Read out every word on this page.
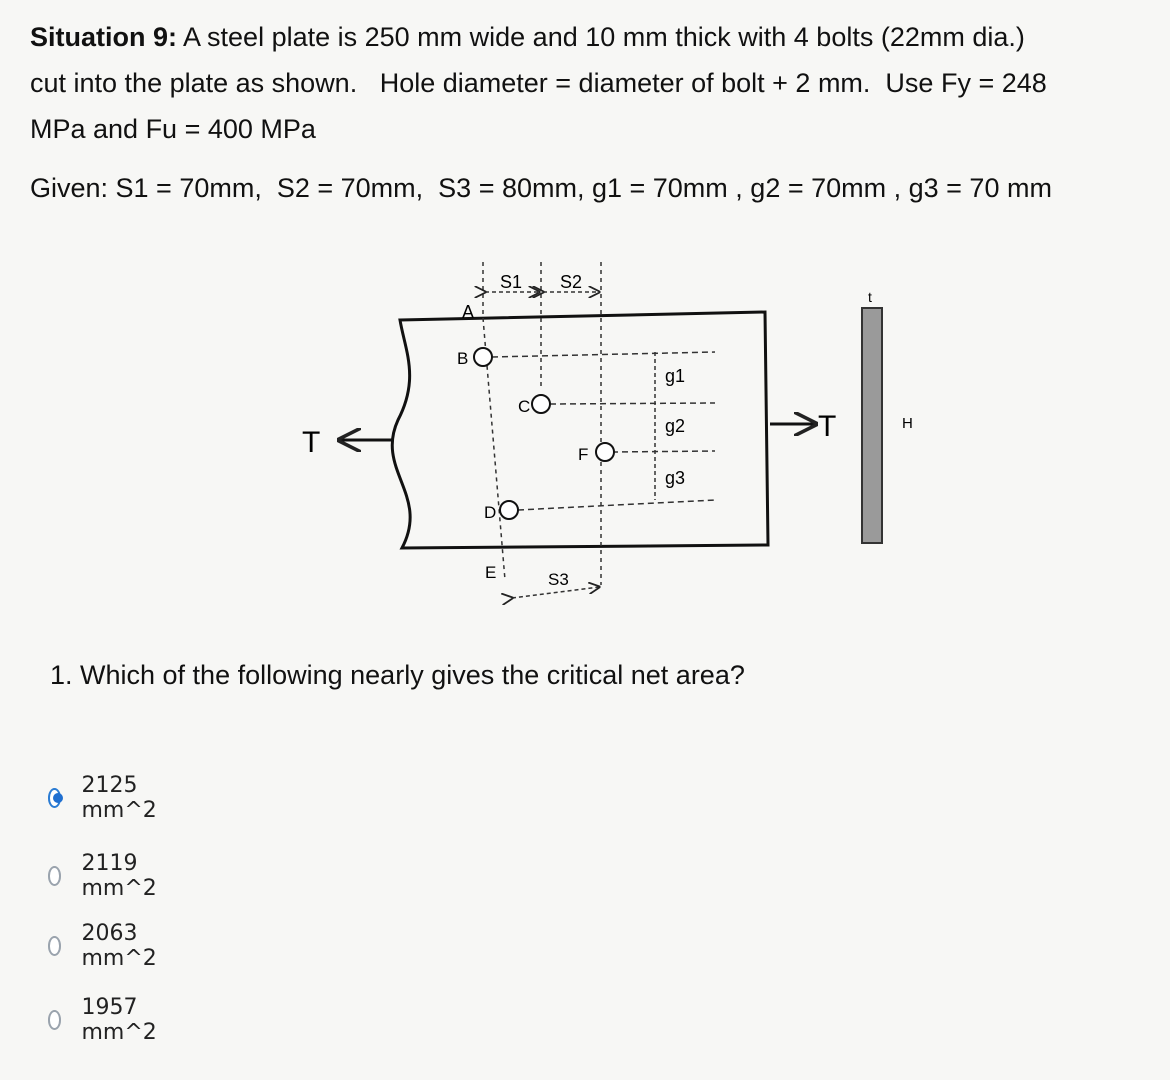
Situation 9: A steel plate is 250 mm wide and 10 mm thick with 4 bolts (22mm dia.)
cut into the plate as shown.   Hole diameter = diameter of bolt + 2 mm.  Use Fy = 248
MPa and Fu = 400 MPa
Given: S1 = 70mm,  S2 = 70mm,  S3 = 80mm, g1 = 70mm , g2 = 70mm , g3 = 70 mm
S1 S2
A
g1
g2
g3
B
C
F
D
E	S3
T	T
t
H
1. Which of the following nearly gives the critical net area?
2125 mm^2
2119 mm^2
2063 mm^2
1957 mm^2
